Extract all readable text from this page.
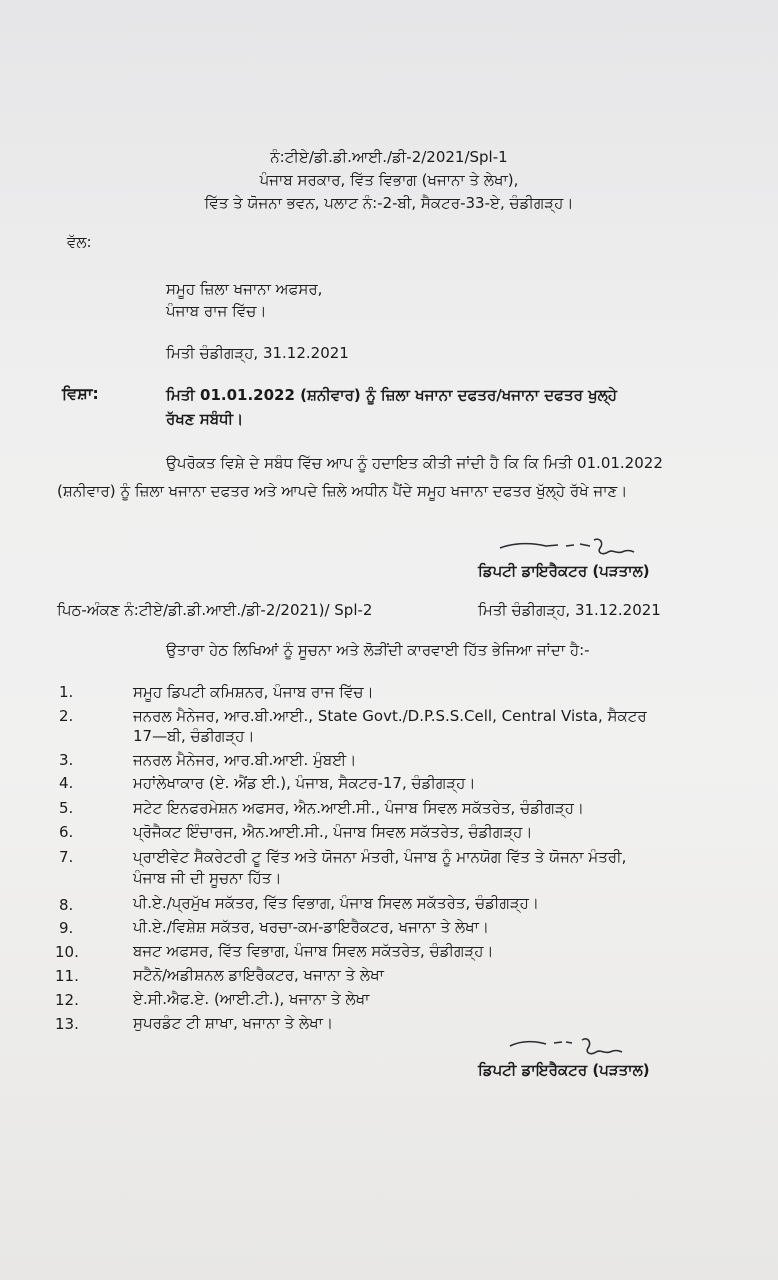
ਨੰ:ਟੀਏ/ਡੀ.ਡੀ.ਆਈ./ਡੀ-2/2021/Spl-1
ਪੰਜਾਬ ਸਰਕਾਰ, ਵਿੱਤ ਵਿਭਾਗ (ਖਜਾਨਾ ਤੇ ਲੇਖਾ),
ਵਿੱਤ ਤੇ ਯੋਜਨਾ ਭਵਨ, ਪਲਾਟ ਨੰ:-2-ਬੀ, ਸੈਕਟਰ-33-ਏ, ਚੰਡੀਗੜ੍ਹ।
ਵੱਲ:
ਸਮੂਹ ਜ਼ਿਲਾ ਖਜਾਨਾ ਅਫਸਰ,
ਪੰਜਾਬ ਰਾਜ ਵਿੱਚ।
ਮਿਤੀ ਚੰਡੀਗੜ੍ਹ, 31.12.2021
ਵਿਸ਼ਾ:	ਮਿਤੀ 01.01.2022 (ਸ਼ਨੀਵਾਰ) ਨੂੰ ਜ਼ਿਲਾ ਖਜਾਨਾ ਦਫਤਰ/ਖਜਾਨਾ ਦਫਤਰ ਖੁਲ੍ਹੇ
ਰੱਖਣ ਸਬੰਧੀ।
ਉਪਰੋਕਤ ਵਿਸ਼ੇ ਦੇ ਸਬੰਧ ਵਿੱਚ ਆਪ ਨੂੰ ਹਦਾਇਤ ਕੀਤੀ ਜਾਂਦੀ ਹੈ ਕਿ ਕਿ ਮਿਤੀ 01.01.2022
(ਸ਼ਨੀਵਾਰ) ਨੂੰ ਜ਼ਿਲਾ ਖਜਾਨਾ ਦਫਤਰ ਅਤੇ ਆਪਦੇ ਜ਼ਿਲੇ ਅਧੀਨ ਪੈਂਦੇ ਸਮੂਹ ਖਜਾਨਾ ਦਫਤਰ ਖੁੱਲ੍ਹੇ ਰੱਖੇ ਜਾਣ।
ਡਿਪਟੀ ਡਾਇਰੈਕਟਰ (ਪੜਤਾਲ)
ਪਿਠ-ਅੰਕਣ ਨੰ:ਟੀਏ/ਡੀ.ਡੀ.ਆਈ./ਡੀ-2/2021)/ Spl-2	ਮਿਤੀ ਚੰਡੀਗੜ੍ਹ, 31.12.2021
ਉਤਾਰਾ ਹੇਠ ਲਿਖਿਆਂ ਨੂੰ ਸੂਚਨਾ ਅਤੇ ਲੋੜੀਂਦੀ ਕਾਰਵਾਈ ਹਿੱਤ ਭੇਜਿਆ ਜਾਂਦਾ ਹੈ:-
1.	ਸਮੂਹ ਡਿਪਟੀ ਕਮਿਸ਼ਨਰ, ਪੰਜਾਬ ਰਾਜ ਵਿੱਚ।
2.	ਜਨਰਲ ਮੈਨੇਜਰ, ਆਰ.ਬੀ.ਆਈ., State Govt./D.P.S.S.Cell, Central Vista, ਸੈਕਟਰ
17—ਬੀ, ਚੰਡੀਗੜ੍ਹ।
3.	ਜਨਰਲ ਮੈਨੇਜਰ, ਆਰ.ਬੀ.ਆਈ. ਮੁੰਬਈ।
4.	ਮਹਾਂਲੇਖਾਕਾਰ (ਏ. ਐਂਡ ਈ.), ਪੰਜਾਬ, ਸੈਕਟਰ-17, ਚੰਡੀਗੜ੍ਹ।
5.	ਸਟੇਟ ਇਨਫਰਮੇਸ਼ਨ ਅਫਸਰ, ਐਨ.ਆਈ.ਸੀ., ਪੰਜਾਬ ਸਿਵਲ ਸਕੱਤਰੇਤ, ਚੰਡੀਗੜ੍ਹ।
6.	ਪ੍ਰੋਜੈਕਟ ਇੰਚਾਰਜ, ਐਨ.ਆਈ.ਸੀ., ਪੰਜਾਬ ਸਿਵਲ ਸਕੱਤਰੇਤ, ਚੰਡੀਗੜ੍ਹ।
7.	ਪ੍ਰਾਈਵੇਟ ਸੈਕਰੇਟਰੀ ਟੂ ਵਿੱਤ ਅਤੇ ਯੋਜਨਾ ਮੰਤਰੀ, ਪੰਜਾਬ ਨੂੰ ਮਾਨਯੋਗ ਵਿੱਤ ਤੇ ਯੋਜਨਾ ਮੰਤਰੀ,
ਪੰਜਾਬ ਜੀ ਦੀ ਸੂਚਨਾ ਹਿੱਤ।
8.	ਪੀ.ਏ./ਪ੍ਰਮੁੱਖ ਸਕੱਤਰ, ਵਿੱਤ ਵਿਭਾਗ, ਪੰਜਾਬ ਸਿਵਲ ਸਕੱਤਰੇਤ, ਚੰਡੀਗੜ੍ਹ।
9.	ਪੀ.ਏ./ਵਿਸ਼ੇਸ਼ ਸਕੱਤਰ, ਖਰਚਾ-ਕਮ-ਡਾਇਰੈਕਟਰ, ਖਜਾਨਾ ਤੇ ਲੇਖਾ।
10.	ਬਜਟ ਅਫਸਰ, ਵਿੱਤ ਵਿਭਾਗ, ਪੰਜਾਬ ਸਿਵਲ ਸਕੱਤਰੇਤ, ਚੰਡੀਗੜ੍ਹ।
11.	ਸਟੈਨੋ/ਅਡੀਸ਼ਨਲ ਡਾਇਰੈਕਟਰ, ਖਜਾਨਾ ਤੇ ਲੇਖਾ
12.	ਏ.ਸੀ.ਐਫ.ਏ. (ਆਈ.ਟੀ.), ਖਜਾਨਾ ਤੇ ਲੇਖਾ
13.	ਸੁਪਰਡੰਟ ਟੀ ਸ਼ਾਖਾ, ਖਜਾਨਾ ਤੇ ਲੇਖਾ।
ਡਿਪਟੀ ਡਾਇਰੈਕਟਰ (ਪੜਤਾਲ)
